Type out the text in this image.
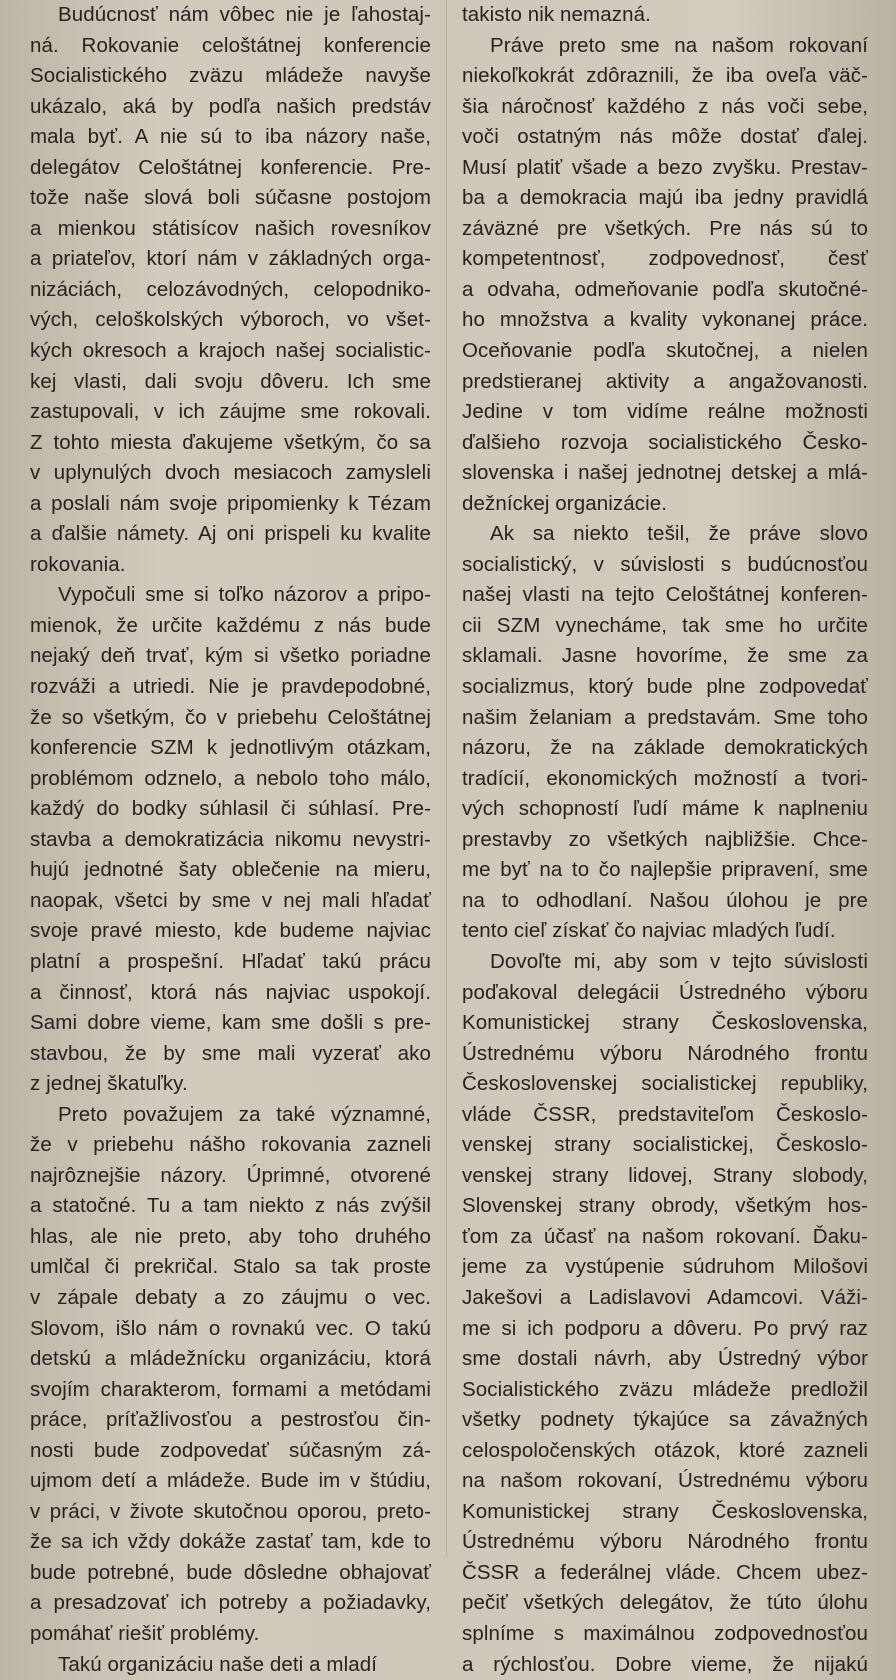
Budúcnosť nám vôbec nie je ľahostaj-
ná. Rokovanie celoštátnej konferencie
Socialistického zväzu mládeže navyše
ukázalo, aká by podľa našich predstáv
mala byť. A nie sú to iba názory naše,
delegátov Celoštátnej konferencie. Pre-
tože naše slová boli súčasne postojom
a mienkou státisícov našich rovesníkov
a priateľov, ktorí nám v základných orga-
nizáciách, celozávodných, celopodniko-
vých, celoškolských výboroch, vo všet-
kých okresoch a krajoch našej socialistic-
kej vlasti, dali svoju dôveru. Ich sme
zastupovali, v ich záujme sme rokovali.
Z tohto miesta ďakujeme všetkým, čo sa
v uplynulých dvoch mesiacoch zamysleli
a poslali nám svoje pripomienky k Tézam
a ďalšie námety. Aj oni prispeli ku kvalite
rokovania.
Vypočuli sme si toľko názorov a pripo-
mienok, že určite každému z nás bude
nejaký deň trvať, kým si všetko poriadne
rozváži a utriedi. Nie je pravdepodobné,
že so všetkým, čo v priebehu Celoštátnej
konferencie SZM k jednotlivým otázkam,
problémom odznelo, a nebolo toho málo,
každý do bodky súhlasil či súhlasí. Pre-
stavba a demokratizácia nikomu nevystri-
hujú jednotné šaty oblečenie na mieru,
naopak, všetci by sme v nej mali hľadať
svoje pravé miesto, kde budeme najviac
platní a prospešní. Hľadať takú prácu
a činnosť, ktorá nás najviac uspokojí.
Sami dobre vieme, kam sme došli s pre-
stavbou, že by sme mali vyzerať ako
z jednej škatuľky.
Preto považujem za také významné,
že v priebehu nášho rokovania zazneli
najrôznejšie názory. Úprimné, otvorené
a statočné. Tu a tam niekto z nás zvýšil
hlas, ale nie preto, aby toho druhého
umlčal či prekričal. Stalo sa tak proste
v zápale debaty a zo záujmu o vec.
Slovom, išlo nám o rovnakú vec. O takú
detskú a mládežnícku organizáciu, ktorá
svojím charakterom, formami a metódami
práce, príťažlivosťou a pestrosťou čin-
nosti bude zodpovedať súčasným zá-
ujmom detí a mládeže. Bude im v štúdiu,
v práci, v živote skutočnou oporou, preto-
že sa ich vždy dokáže zastať tam, kde to
bude potrebné, bude dôsledne obhajovať
a presadzovať ich potreby a požiadavky,
pomáhať riešiť problémy.
Takú organizáciu naše deti a mladí
takisto nik nemazná.
Práve preto sme na našom rokovaní
niekoľkokrát zdôraznili, že iba oveľa väč-
šia náročnosť každého z nás voči sebe,
voči ostatným nás môže dostať ďalej.
Musí platiť všade a bezo zvyšku. Prestav-
ba a demokracia majú iba jedny pravidlá
záväzné pre všetkých. Pre nás sú to
kompetentnosť, zodpovednosť, česť
a odvaha, odmeňovanie podľa skutočné-
ho množstva a kvality vykonanej práce.
Oceňovanie podľa skutočnej, a nielen
predstieranej aktivity a angažovanosti.
Jedine v tom vidíme reálne možnosti
ďalšieho rozvoja socialistického Česko-
slovenska i našej jednotnej detskej a mlá-
dežníckej organizácie.
Ak sa niekto tešil, že práve slovo
socialistický, v súvislosti s budúcnosťou
našej vlasti na tejto Celoštátnej konferen-
cii SZM vynecháme, tak sme ho určite
sklamali. Jasne hovoríme, že sme za
socializmus, ktorý bude plne zodpovedať
našim želaniam a predstavám. Sme toho
názoru, že na základe demokratických
tradícií, ekonomických možností a tvori-
vých schopností ľudí máme k naplneniu
prestavby zo všetkých najbližšie. Chce-
me byť na to čo najlepšie pripravení, sme
na to odhodlaní. Našou úlohou je pre
tento cieľ získať čo najviac mladých ľudí.
Dovoľte mi, aby som v tejto súvislosti
poďakoval delegácii Ústredného výboru
Komunistickej strany Československa,
Ústrednému výboru Národného frontu
Československej socialistickej republiky,
vláde ČSSR, predstaviteľom Českoslo-
venskej strany socialistickej, Českoslo-
venskej strany lidovej, Strany slobody,
Slovenskej strany obrody, všetkým hos-
ťom za účasť na našom rokovaní. Ďaku-
jeme za vystúpenie súdruhom Milošovi
Jakešovi a Ladislavovi Adamcovi. Váži-
me si ich podporu a dôveru. Po prvý raz
sme dostali návrh, aby Ústredný výbor
Socialistického zväzu mládeže predložil
všetky podnety týkajúce sa závažných
celospoločenských otázok, ktoré zazneli
na našom rokovaní, Ústrednému výboru
Komunistickej strany Československa,
Ústrednému výboru Národného frontu
ČSSR a federálnej vláde. Chcem ubez-
pečiť všetkých delegátov, že túto úlohu
splníme s maximálnou zodpovednosťou
a rýchlosťou. Dobre vieme, že nijakú
